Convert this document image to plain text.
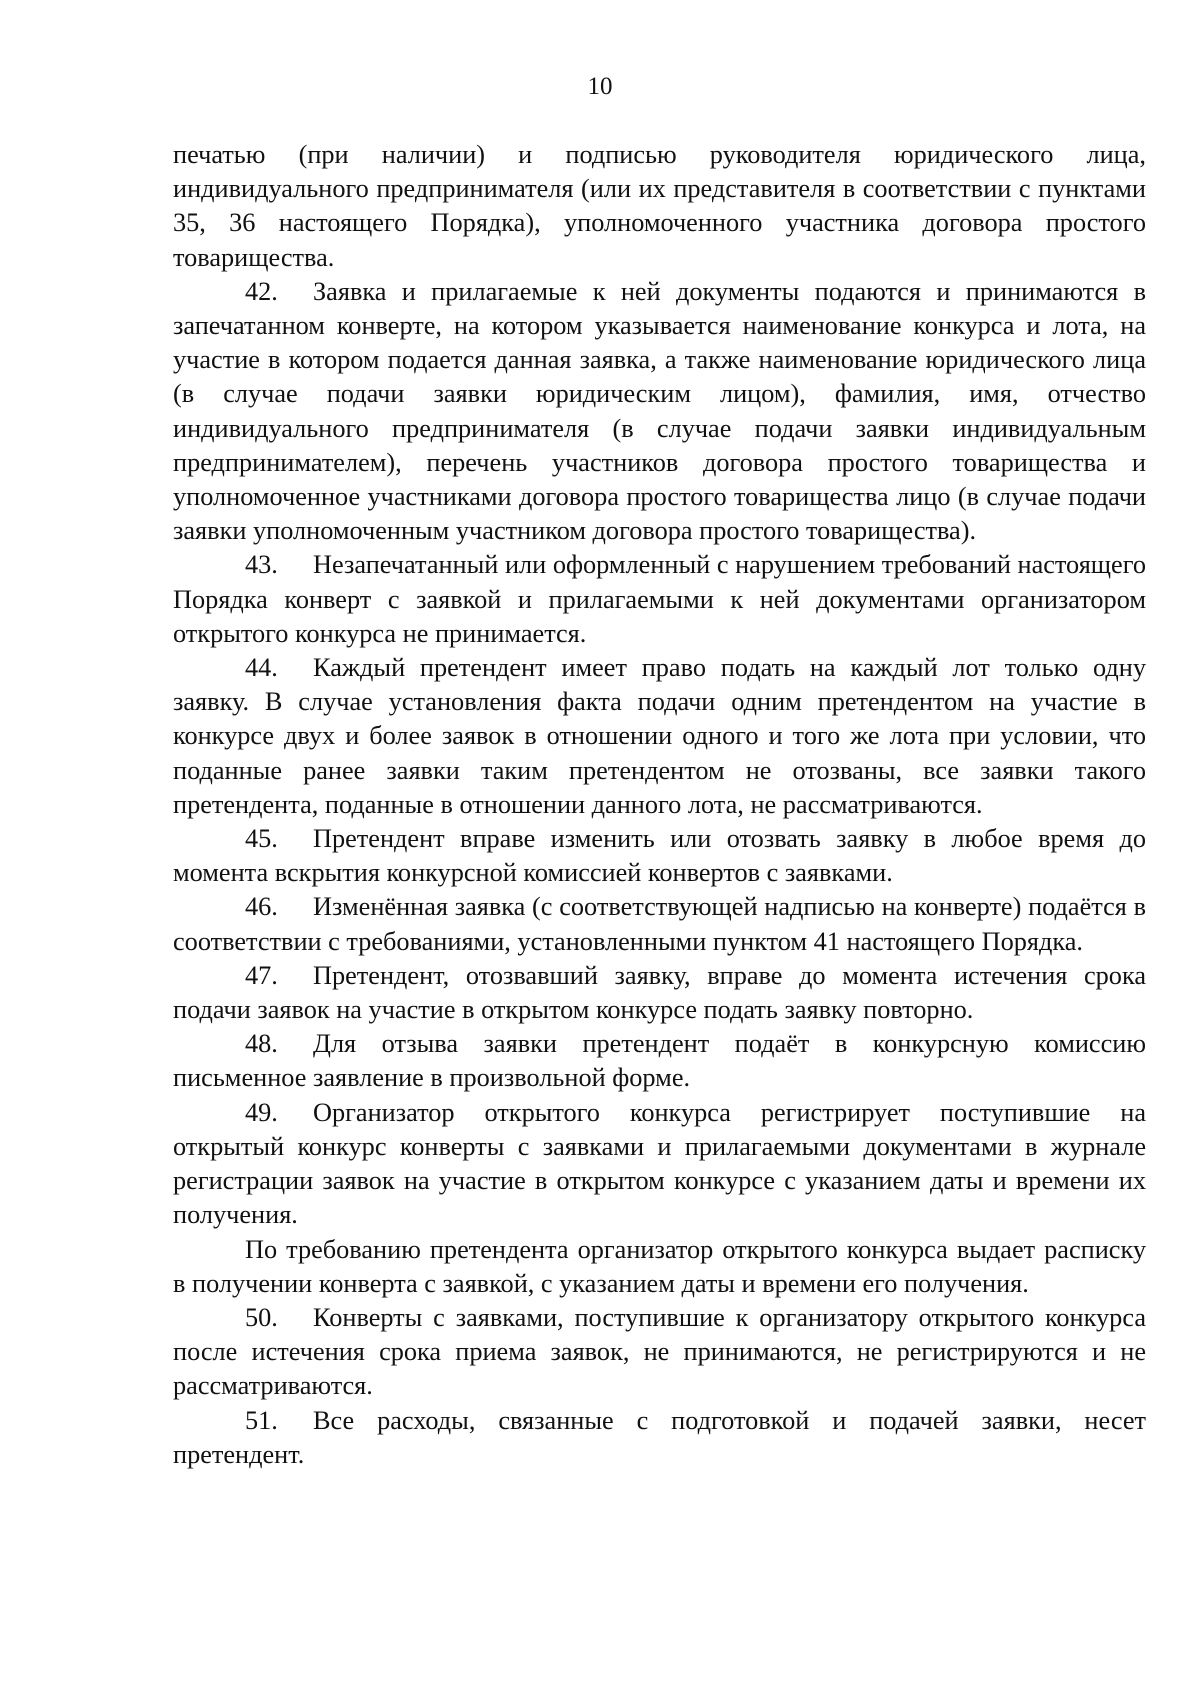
10

печатью (при наличии) и подписью руководителя юридического лица, индивидуального предпринимателя (или их представителя в соответствии с пунктами 35, 36 настоящего Порядка), уполномоченного участника договора простого товарищества.

42. Заявка и прилагаемые к ней документы подаются и принимаются в запечатанном конверте, на котором указывается наименование конкурса и лота, на участие в котором подается данная заявка, а также наименование юридического лица (в случае подачи заявки юридическим лицом), фамилия, имя, отчество индивидуального предпринимателя (в случае подачи заявки индивидуальным предпринимателем), перечень участников договора простого товарищества и уполномоченное участниками договора простого товарищества лицо (в случае подачи заявки уполномоченным участником договора простого товарищества).

43. Незапечатанный или оформленный с нарушением требований настоящего Порядка конверт с заявкой и прилагаемыми к ней документами организатором открытого конкурса не принимается.

44. Каждый претендент имеет право подать на каждый лот только одну заявку. В случае установления факта подачи одним претендентом на участие в конкурсе двух и более заявок в отношении одного и того же лота при условии, что поданные ранее заявки таким претендентом не отозваны, все заявки такого претендента, поданные в отношении данного лота, не рассматриваются.

45. Претендент вправе изменить или отозвать заявку в любое время до момента вскрытия конкурсной комиссией конвертов с заявками.

46. Изменённая заявка (с соответствующей надписью на конверте) подаётся в соответствии с требованиями, установленными пунктом 41 настоящего Порядка.

47. Претендент, отозвавший заявку, вправе до момента истечения срока подачи заявок на участие в открытом конкурсе подать заявку повторно.

48. Для отзыва заявки претендент подаёт в конкурсную комиссию письменное заявление в произвольной форме.

49. Организатор открытого конкурса регистрирует поступившие на открытый конкурс конверты с заявками и прилагаемыми документами в журнале регистрации заявок на участие в открытом конкурсе с указанием даты и времени их получения.

По требованию претендента организатор открытого конкурса выдает расписку в получении конверта с заявкой, с указанием даты и времени его получения.

50. Конверты с заявками, поступившие к организатору открытого конкурса после истечения срока приема заявок, не принимаются, не регистрируются и не рассматриваются.

51. Все расходы, связанные с подготовкой и подачей заявки, несет претендент.
